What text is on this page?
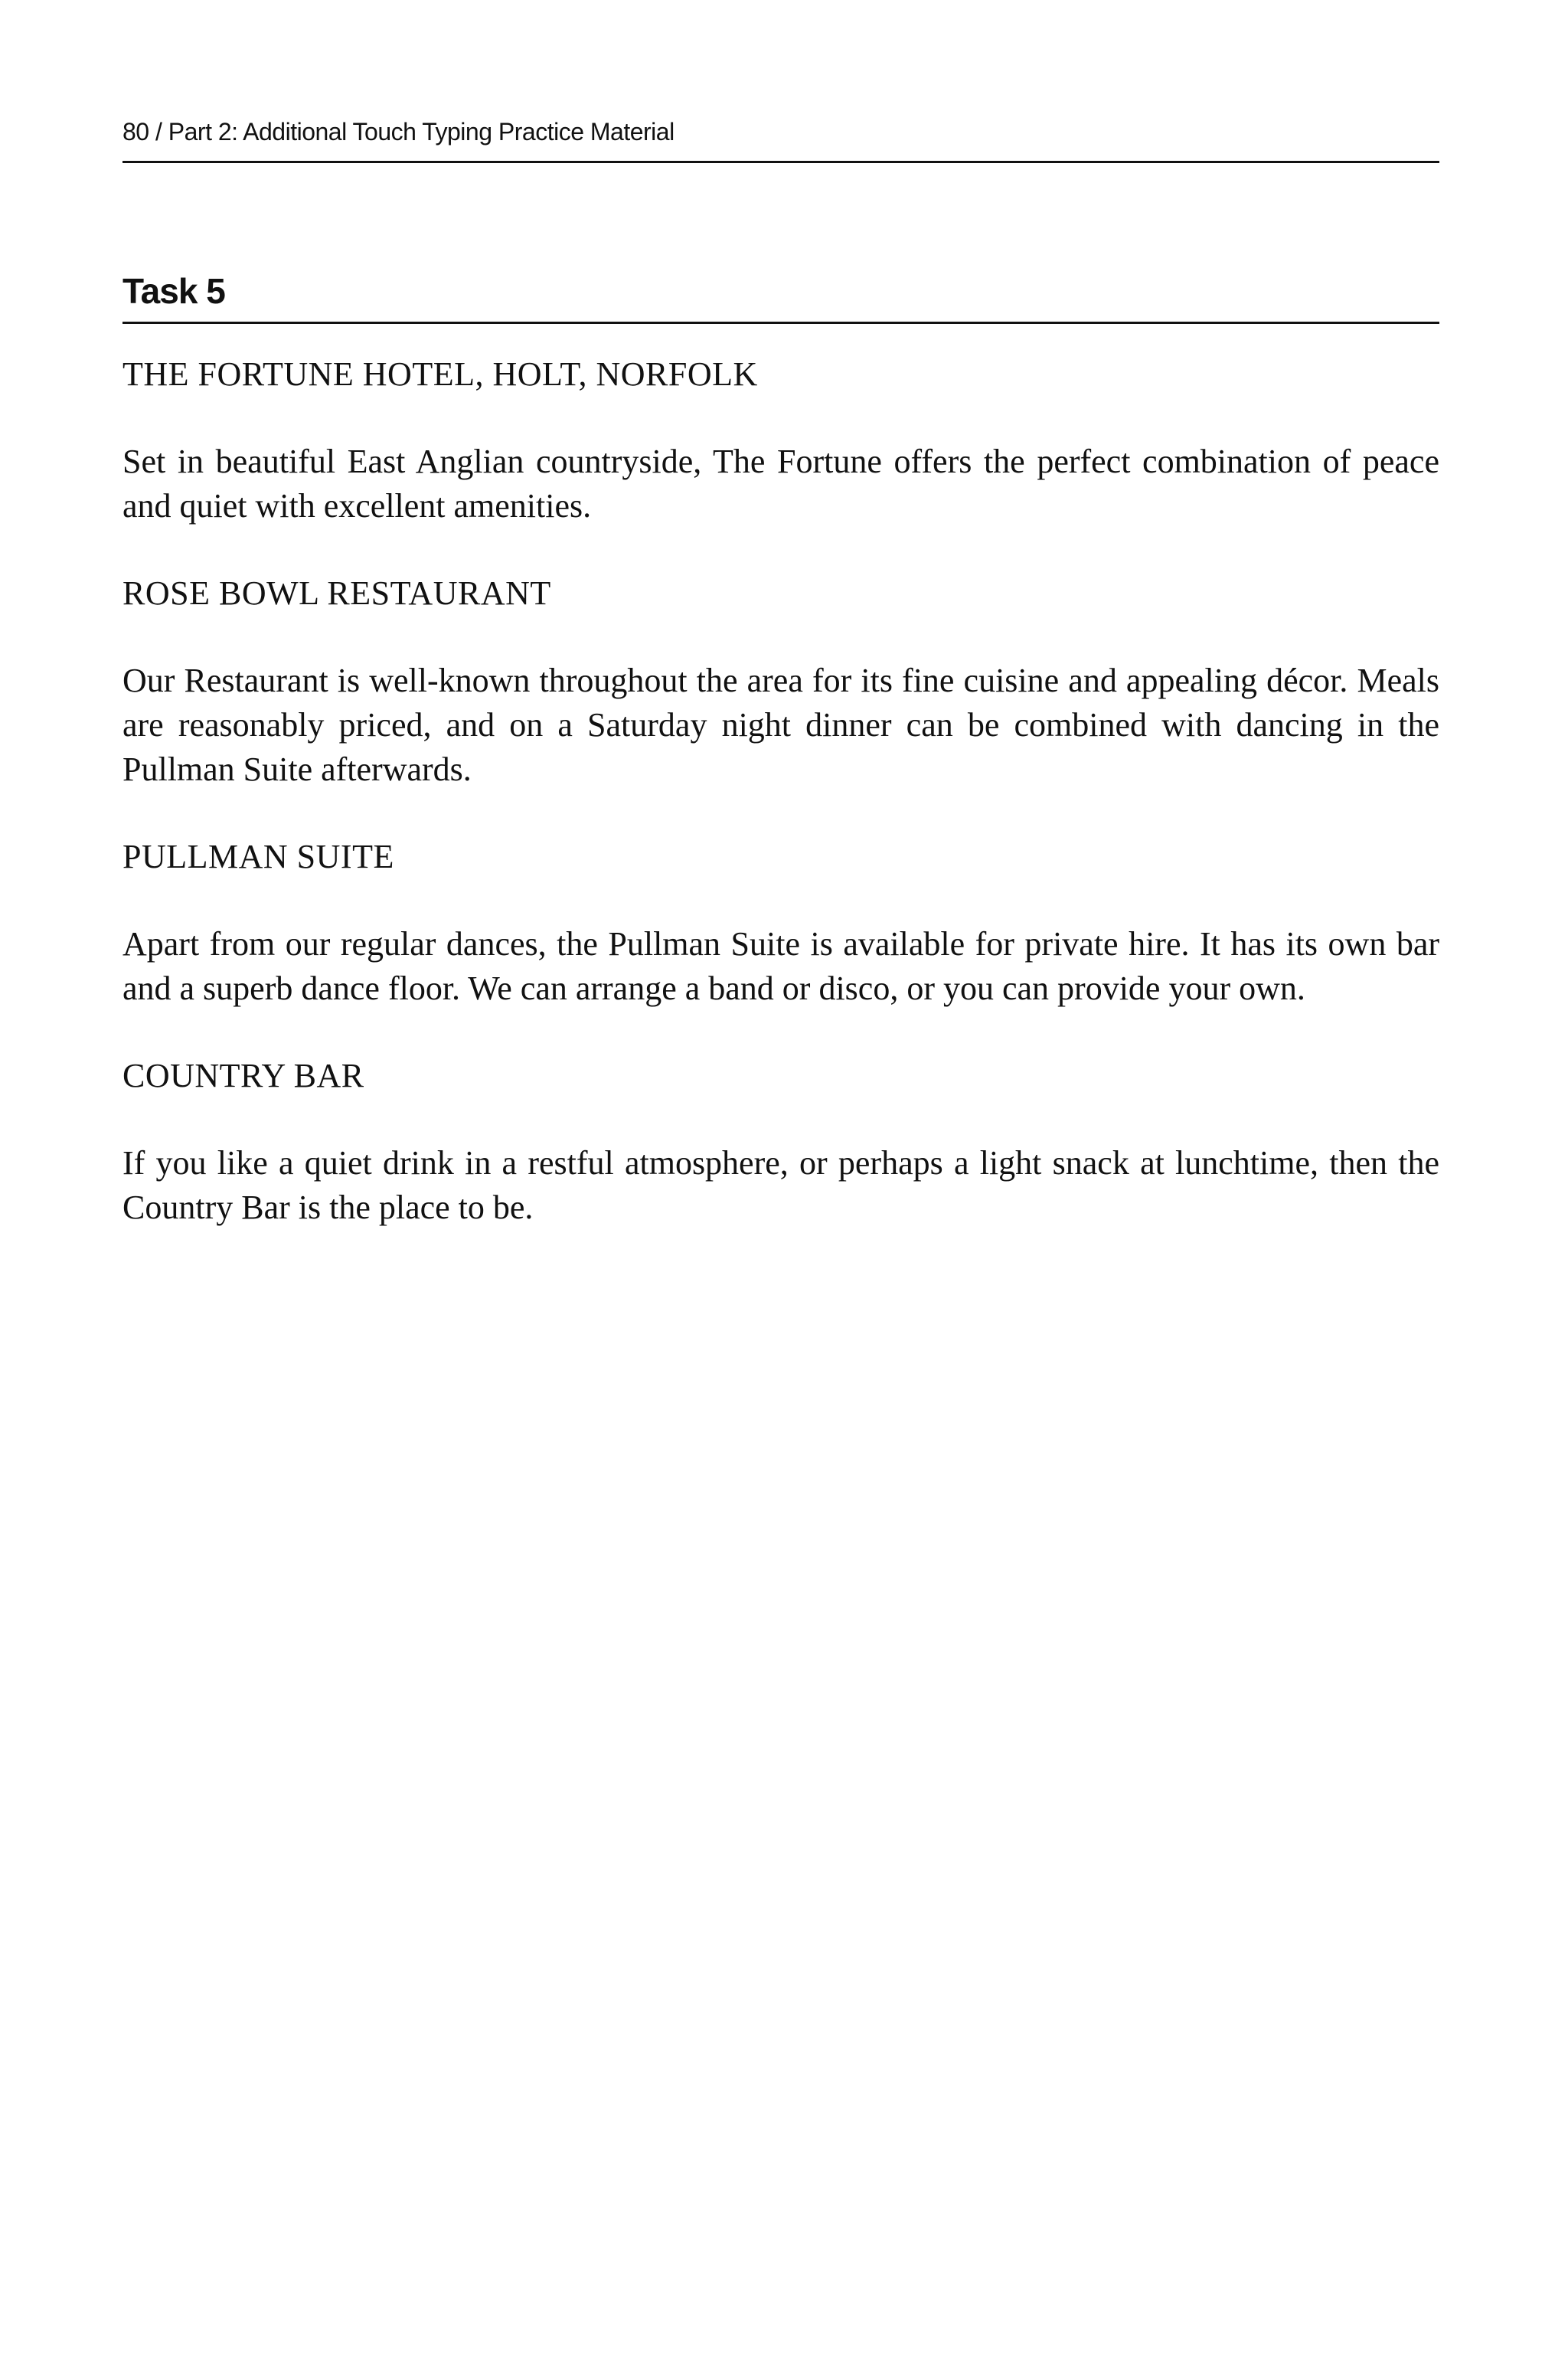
80 / Part 2: Additional Touch Typing Practice Material
Task 5

THE FORTUNE HOTEL, HOLT, NORFOLK

Set in beautiful East Anglian countryside, The Fortune offers the perfect combination of peace and quiet with excellent amenities.

ROSE BOWL RESTAURANT

Our Restaurant is well-known throughout the area for its fine cuisine and appealing décor. Meals are reasonably priced, and on a Saturday night dinner can be combined with dancing in the Pullman Suite afterwards.

PULLMAN SUITE

Apart from our regular dances, the Pullman Suite is available for private hire. It has its own bar and a superb dance floor. We can arrange a band or disco, or you can provide your own.

COUNTRY BAR

If you like a quiet drink in a restful atmosphere, or perhaps a light snack at lunchtime, then the Country Bar is the place to be.
